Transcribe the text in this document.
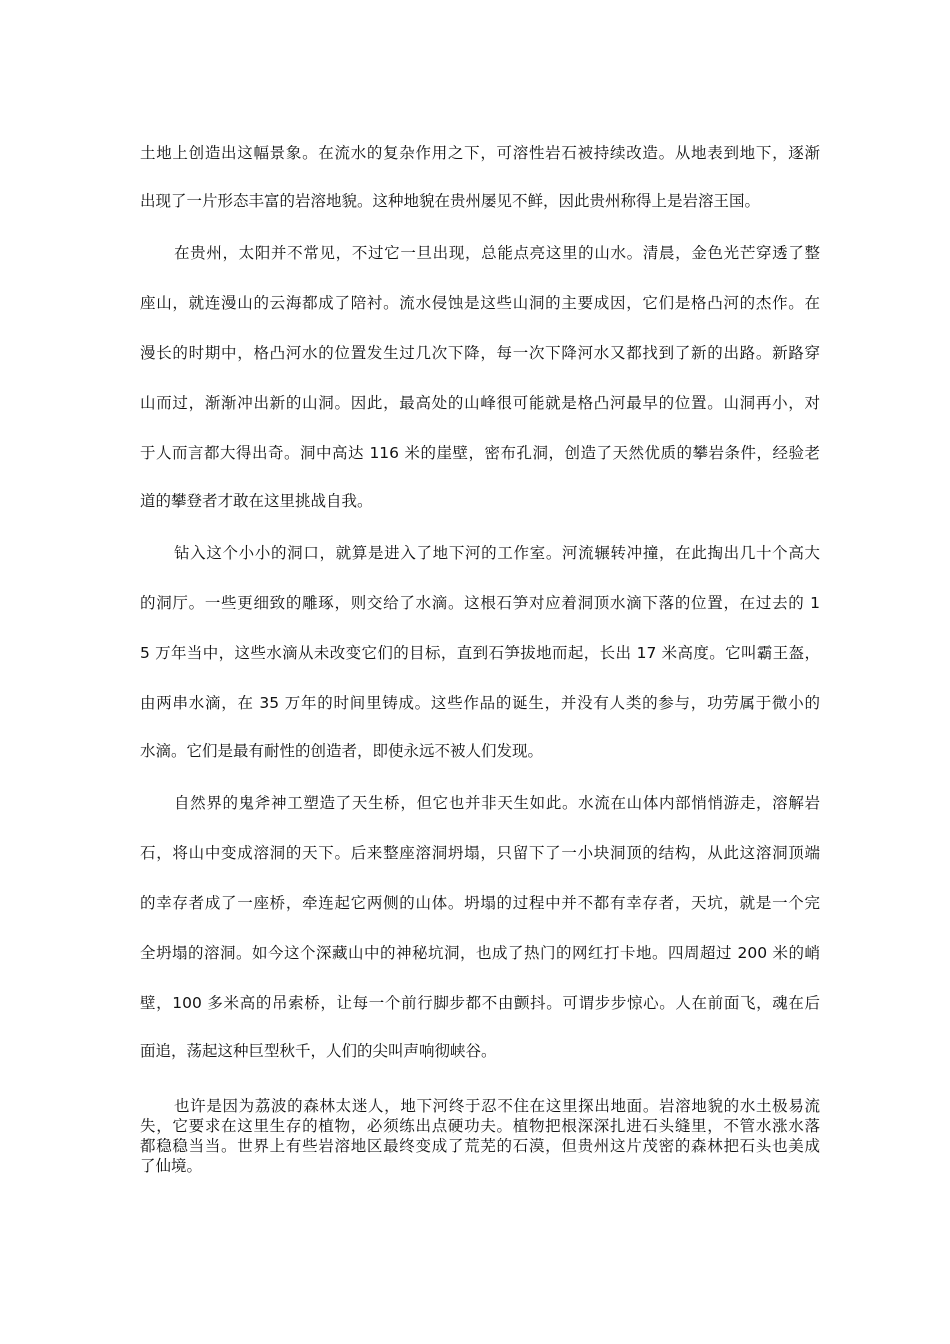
土地上创造出这幅景象。在流水的复杂作用之下，可溶性岩石被持续改造。从地表到地下，逐渐
出现了一片形态丰富的岩溶地貌。这种地貌在贵州屡见不鲜，因此贵州称得上是岩溶王国。
在贵州，太阳并不常见，不过它一旦出现，总能点亮这里的山水。清晨，金色光芒穿透了整
座山，就连漫山的云海都成了陪衬。流水侵蚀是这些山洞的主要成因，它们是格凸河的杰作。在
漫长的时期中，格凸河水的位置发生过几次下降，每一次下降河水又都找到了新的出路。新路穿
山而过，渐渐冲出新的山洞。因此，最高处的山峰很可能就是格凸河最早的位置。山洞再小，对
于人而言都大得出奇。洞中高达 116 米的崖壁，密布孔洞，创造了天然优质的攀岩条件，经验老
道的攀登者才敢在这里挑战自我。
钻入这个小小的洞口，就算是进入了地下河的工作室。河流辗转冲撞，在此掏出几十个高大
的洞厅。一些更细致的雕琢，则交给了水滴。这根石笋对应着洞顶水滴下落的位置，在过去的 1
5 万年当中，这些水滴从未改变它们的目标，直到石笋拔地而起，长出 17 米高度。它叫霸王盔，
由两串水滴，在 35 万年的时间里铸成。这些作品的诞生，并没有人类的参与，功劳属于微小的
水滴。它们是最有耐性的创造者，即使永远不被人们发现。
自然界的鬼斧神工塑造了天生桥，但它也并非天生如此。水流在山体内部悄悄游走，溶解岩
石，将山中变成溶洞的天下。后来整座溶洞坍塌，只留下了一小块洞顶的结构，从此这溶洞顶端
的幸存者成了一座桥，牵连起它两侧的山体。坍塌的过程中并不都有幸存者，天坑，就是一个完
全坍塌的溶洞。如今这个深藏山中的神秘坑洞，也成了热门的网红打卡地。四周超过 200 米的峭
壁，100 多米高的吊索桥，让每一个前行脚步都不由颤抖。可谓步步惊心。人在前面飞，魂在后
面追，荡起这种巨型秋千，人们的尖叫声响彻峡谷。
也许是因为荔波的森林太迷人，地下河终于忍不住在这里探出地面。岩溶地貌的水土极易流
失，它要求在这里生存的植物，必须练出点硬功夫。植物把根深深扎进石头缝里，不管水涨水落
都稳稳当当。世界上有些岩溶地区最终变成了荒芜的石漠，但贵州这片茂密的森林把石头也美成
了仙境。
